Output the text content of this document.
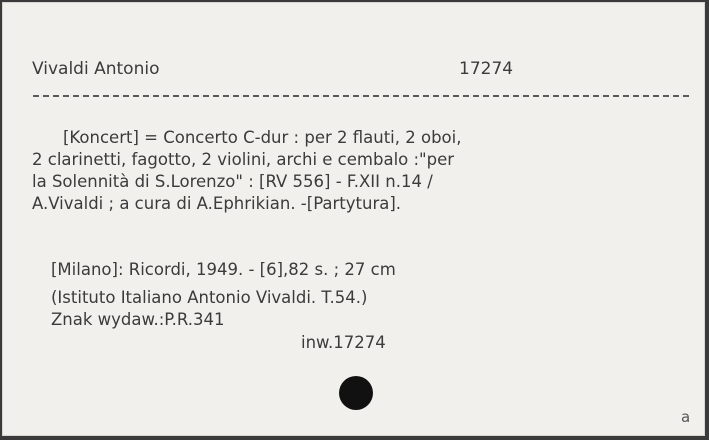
Vivaldi Antonio	17274
[Koncert] = Concerto C-dur : per 2 flauti, 2 oboi,
2 clarinetti, fagotto, 2 violini, archi e cembalo :"per
la Solennità di S.Lorenzo" : [RV 556] - F.XII n.14 /
A.Vivaldi ; a cura di A.Ephrikian. -[Partytura].
[Milano]: Ricordi, 1949. - [6],82 s. ; 27 cm
(Istituto Italiano Antonio Vivaldi. T.54.)
Znak wydaw.:P.R.341
inw.17274
a
